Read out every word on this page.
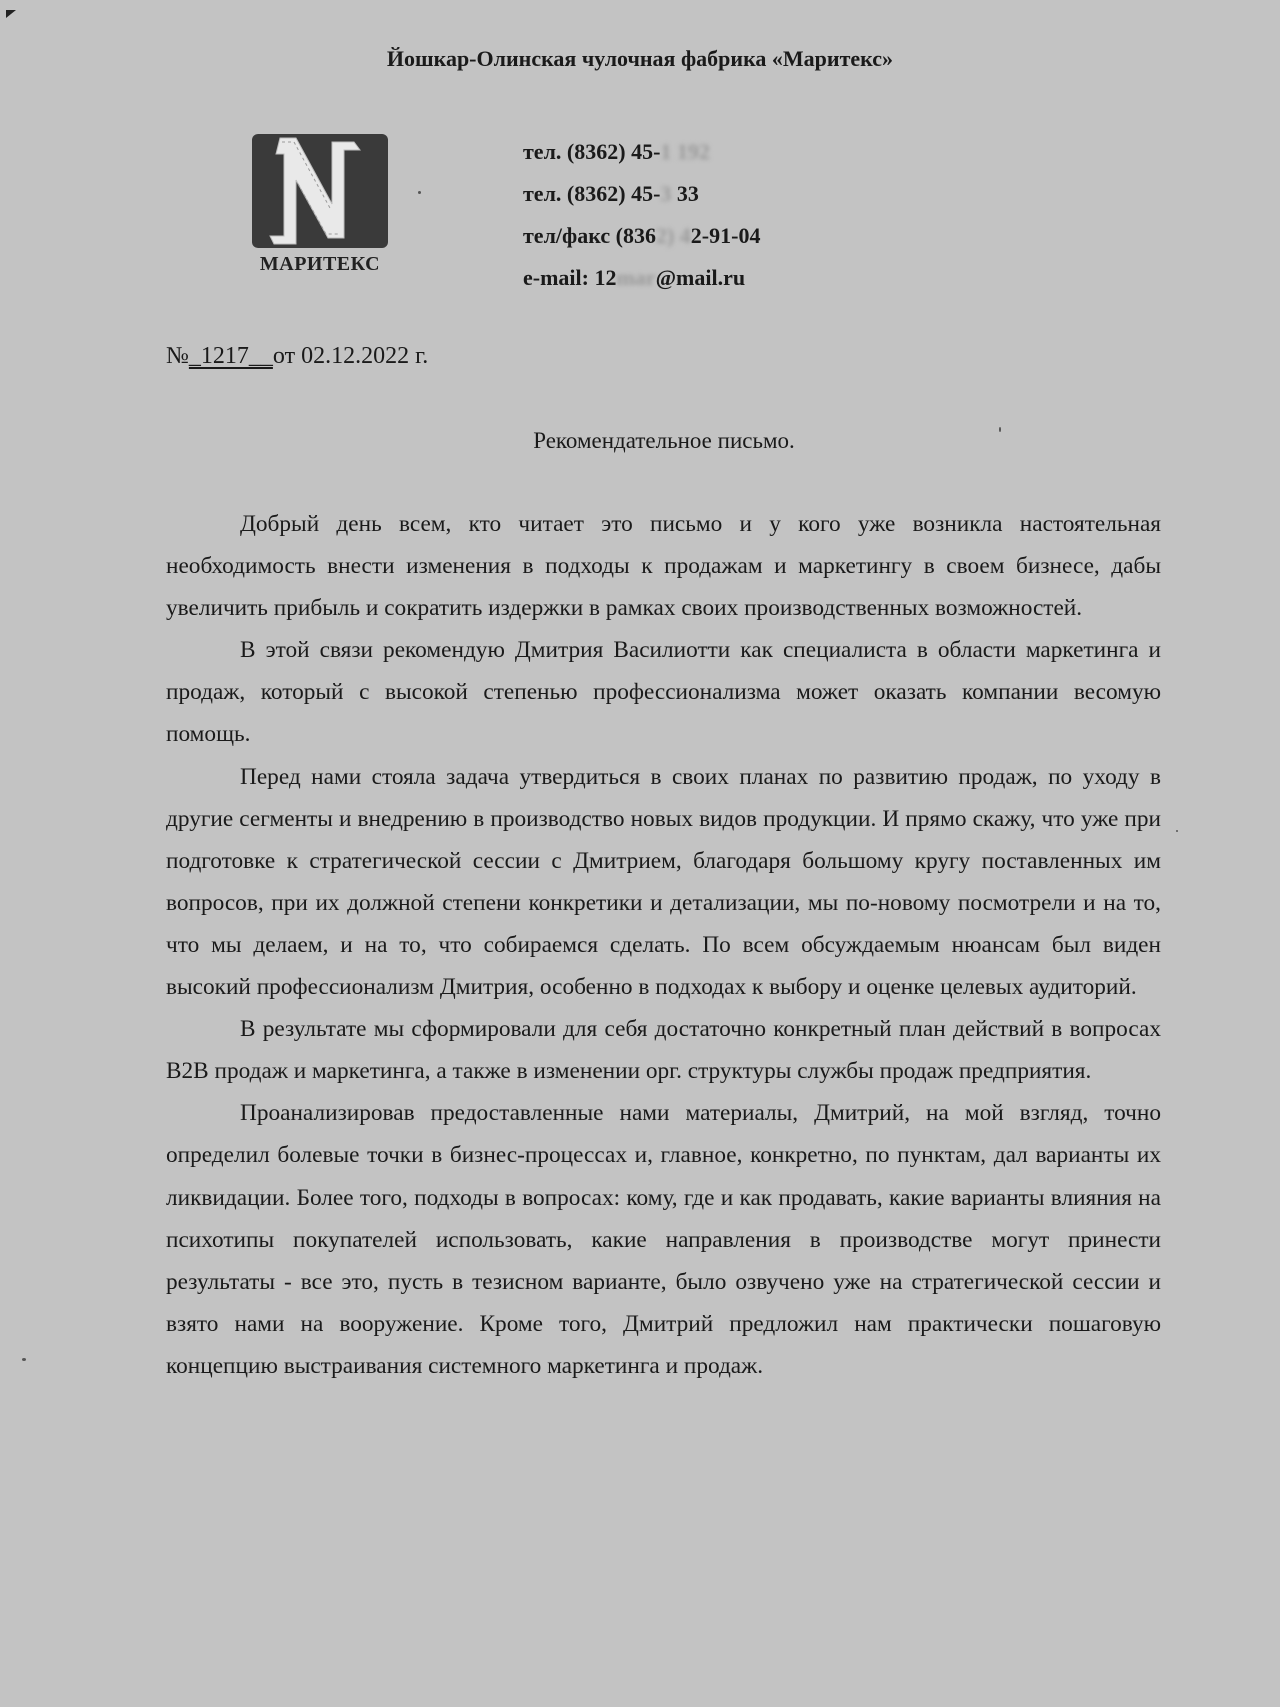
Йошкар-Олинская чулочная фабрика «Маритекс»
МАРИТЕКС
тел. (8362) 45-1 192
тел. (8362) 45-3 33
тел/факс (8362) 42-91-04
e-mail: 12mar@mail.ru
№_1217__от 02.12.2022 г.
Рекомендательное письмо.

Добрый день всем, кто читает это письмо и у кого уже возникла настоятельная необходимость внести изменения в подходы к продажам и маркетингу в своем бизнесе, дабы увеличить прибыль и сократить издержки в рамках своих производственных возможностей.

В этой связи рекомендую Дмитрия Василиотти как специалиста в области маркетинга и продаж, который с высокой степенью профессионализма может оказать компании весомую помощь.

Перед нами стояла задача утвердиться в своих планах по развитию продаж, по уходу в другие сегменты и внедрению в производство новых видов продукции. И прямо скажу, что уже при подготовке к стратегической сессии с Дмитрием, благодаря большому кругу поставленных им вопросов, при их должной степени конкретики и детализации, мы по-новому посмотрели и на то, что мы делаем, и на то, что собираемся сделать. По всем обсуждаемым нюансам был виден высокий профессионализм Дмитрия, особенно в подходах к выбору и оценке целевых аудиторий.

В результате мы сформировали для себя достаточно конкретный план действий в вопросах B2B продаж и маркетинга, а также в изменении орг. структуры службы продаж предприятия.

Проанализировав предоставленные нами материалы, Дмитрий, на мой взгляд, точно определил болевые точки в бизнес-процессах и, главное, конкретно, по пунктам, дал варианты их ликвидации. Более того, подходы в вопросах: кому, где и как продавать, какие варианты влияния на психотипы покупателей использовать, какие направления в производстве могут принести результаты - все это, пусть в тезисном варианте, было озвучено уже на стратегической сессии и взято нами на вооружение. Кроме того, Дмитрий предложил нам практически пошаговую концепцию выстраивания системного маркетинга и продаж.
